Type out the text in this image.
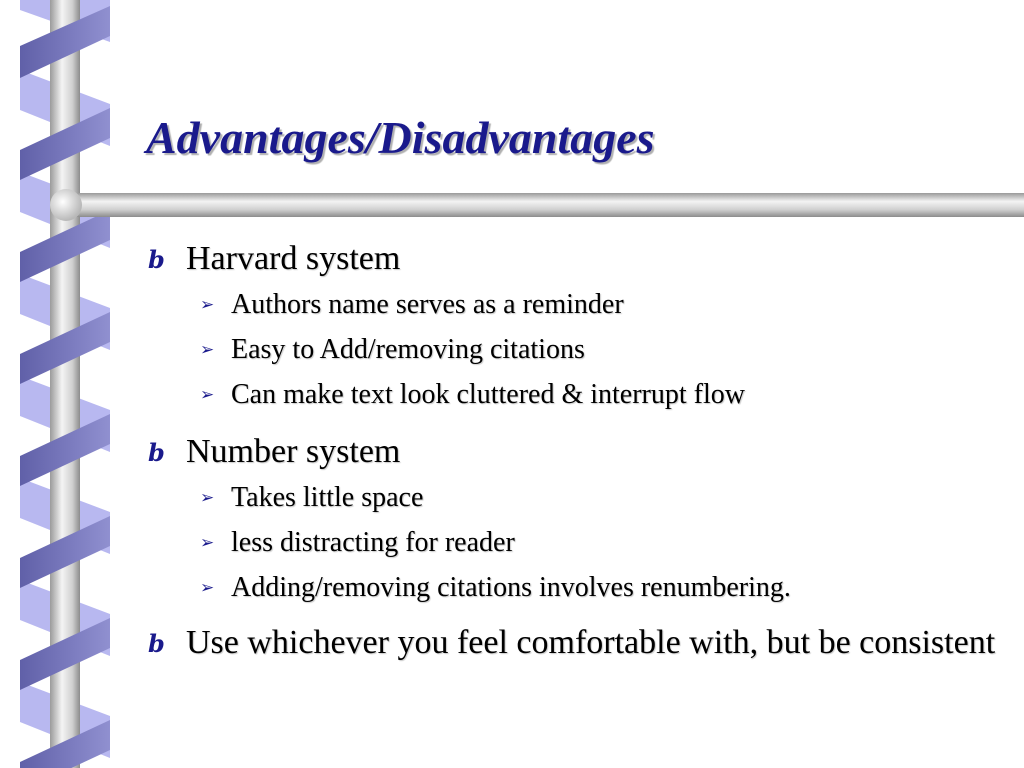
Advantages/Disadvantages
b Harvard system
➢ Authors name serves as a reminder
➢ Easy to Add/removing citations
➢ Can make text look cluttered & interrupt flow
b Number system
➢ Takes little space
➢ less distracting for reader
➢ Adding/removing citations involves renumbering.
b Use whichever you feel comfortable with, but be consistent
